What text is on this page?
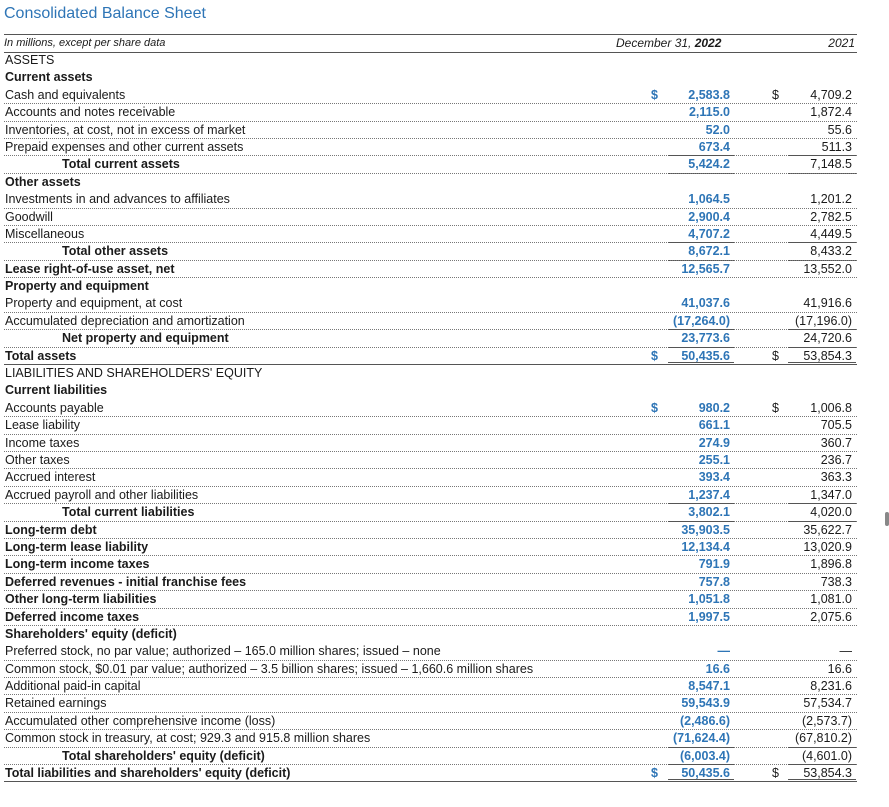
Consolidated Balance Sheet
In millions, except per share data	December 31, 2022	2021
ASSETS
Current assets
Cash and equivalents	$	2,583.8	$	4,709.2
Accounts and notes receivable	2,115.0	1,872.4
Inventories, at cost, not in excess of market	52.0	55.6
Prepaid expenses and other current assets	673.4	511.3
Total current assets	5,424.2	7,148.5
Other assets
Investments in and advances to affiliates	1,064.5	1,201.2
Goodwill	2,900.4	2,782.5
Miscellaneous	4,707.2	4,449.5
Total other assets	8,672.1	8,433.2
Lease right-of-use asset, net	12,565.7	13,552.0
Property and equipment
Property and equipment, at cost	41,037.6	41,916.6
Accumulated depreciation and amortization	(17,264.0)	(17,196.0)
Net property and equipment	23,773.6	24,720.6
Total assets	$	50,435.6	$	53,854.3
LIABILITIES AND SHAREHOLDERS' EQUITY
Current liabilities
Accounts payable	$	980.2	$	1,006.8
Lease liability	661.1	705.5
Income taxes	274.9	360.7
Other taxes	255.1	236.7
Accrued interest	393.4	363.3
Accrued payroll and other liabilities	1,237.4	1,347.0
Total current liabilities	3,802.1	4,020.0
Long-term debt	35,903.5	35,622.7
Long-term lease liability	12,134.4	13,020.9
Long-term income taxes	791.9	1,896.8
Deferred revenues - initial franchise fees	757.8	738.3
Other long-term liabilities	1,051.8	1,081.0
Deferred income taxes	1,997.5	2,075.6
Shareholders' equity (deficit)
Preferred stock, no par value; authorized – 165.0 million shares; issued – none	—	—
Common stock, $0.01 par value; authorized – 3.5 billion shares; issued – 1,660.6 million shares	16.6	16.6
Additional paid-in capital	8,547.1	8,231.6
Retained earnings	59,543.9	57,534.7
Accumulated other comprehensive income (loss)	(2,486.6)	(2,573.7)
Common stock in treasury, at cost; 929.3 and 915.8 million shares	(71,624.4)	(67,810.2)
Total shareholders' equity (deficit)	(6,003.4)	(4,601.0)
Total liabilities and shareholders' equity (deficit)	$	50,435.6	$	53,854.3
